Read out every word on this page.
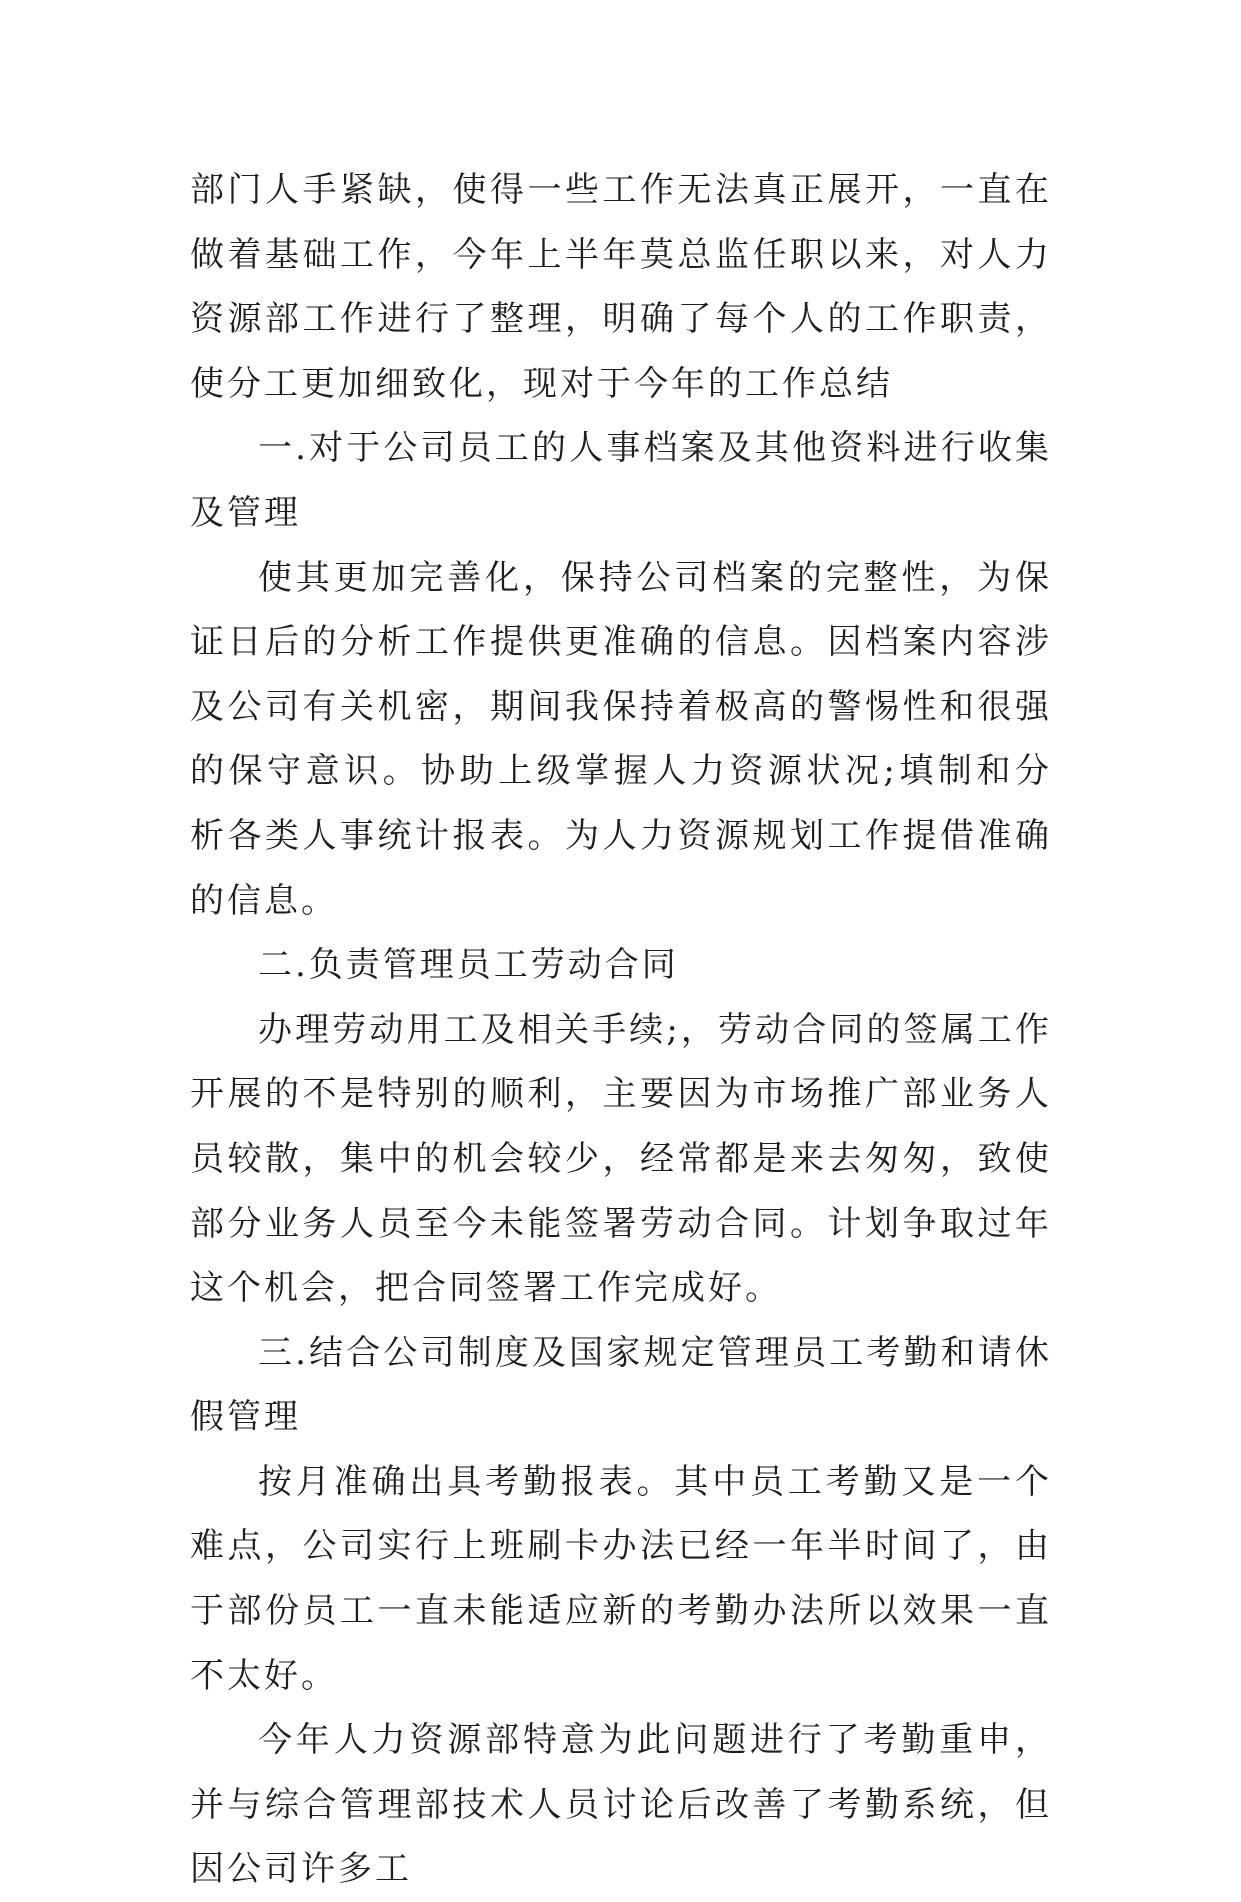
部门人手紧缺，使得一些工作无法真正展开，一直在做着基础工作，今年上半年莫总监任职以来，对人力资源部工作进行了整理，明确了每个人的工作职责，使分工更加细致化，现对于今年的工作总结

一.对于公司员工的人事档案及其他资料进行收集及管理

使其更加完善化，保持公司档案的完整性，为保证日后的分析工作提供更准确的信息。因档案内容涉及公司有关机密，期间我保持着极高的警惕性和很强的保守意识。协助上级掌握人力资源状况;填制和分析各类人事统计报表。为人力资源规划工作提借准确的信息。

二.负责管理员工劳动合同

办理劳动用工及相关手续;，劳动合同的签属工作开展的不是特别的顺利，主要因为市场推广部业务人员较散，集中的机会较少，经常都是来去匆匆，致使部分业务人员至今未能签署劳动合同。计划争取过年这个机会，把合同签署工作完成好。

三.结合公司制度及国家规定管理员工考勤和请休假管理

按月准确出具考勤报表。其中员工考勤又是一个难点，公司实行上班刷卡办法已经一年半时间了，由于部份员工一直未能适应新的考勤办法所以效果一直不太好。

今年人力资源部特意为此问题进行了考勤重申，并与综合管理部技术人员讨论后改善了考勤系统，但因公司许多工
